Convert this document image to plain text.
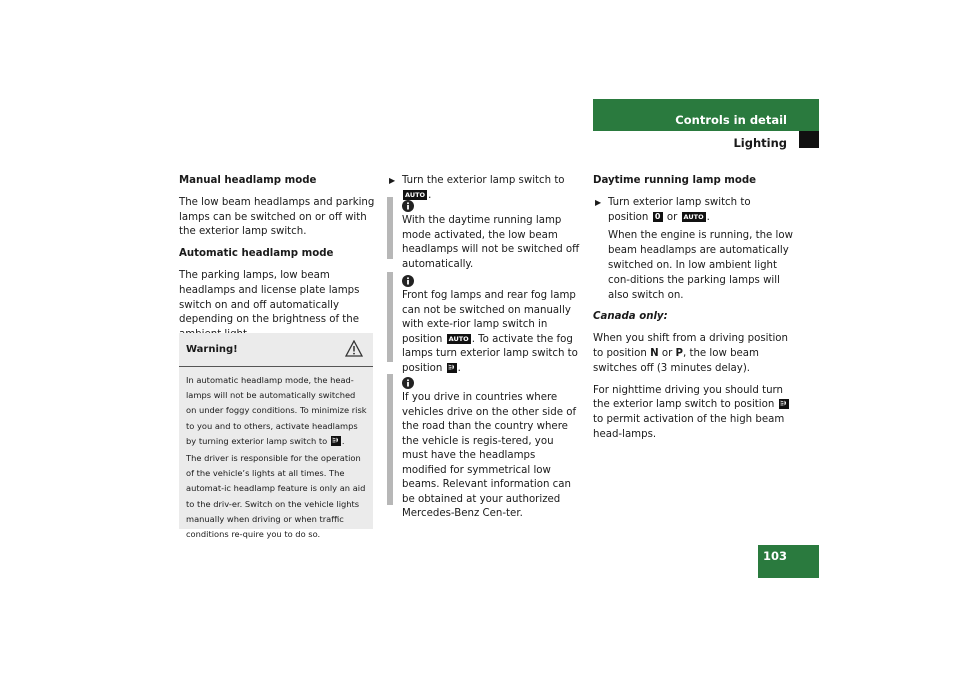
Controls in detail
Lighting

Manual headlamp mode

The low beam headlamps and parking lamps can be switched on or off with the exterior lamp switch.

Automatic headlamp mode

The parking lamps, low beam headlamps and license plate lamps switch on and off automatically depending on the brightness of the

Warning!

In automatic headlamp mode, the head-lamps will not be automatically switched on under foggy conditions. To minimize risk to you and to others, activate headlamps by turning exterior lamp switch to .

The driver is responsible for the operation of the vehicle’s lights at all times. The automat-ic headlamp feature is only an aid to the driv-er. Switch on the vehicle lights manually when driving or when traffic conditions re-quire you to do so.

▶ Turn the exterior lamp switch to AUTO .

With the daytime running lamp mode activated, the low beam headlamps will not be switched off automatically.
Front fog lamps and rear fog lamp can not be switched on manually with exte-rior lamp switch in position AUTO . To activate the fog lamps turn exterior lamp switch to position .
If you drive in countries where vehicles drive on the other side of the road than the country where the vehicle is regis-tered, you must have the headlamps modified for symmetrical low beams. Relevant information can be obtained at your authorized Mercedes-Benz Cen-ter.

Daytime running lamp mode

▶ Turn exterior lamp switch to position 0 or AUTO .

When the engine is running, the low beam headlamps are automatically switched on. In low ambient light con-ditions the parking lamps will also switch on.

Canada only:

When you shift from a driving position to position N or P, the low beam switches off (3 minutes delay).

For nighttime driving you should turn the exterior lamp switch to position  to permit activation of the high beam head-lamps.

103
